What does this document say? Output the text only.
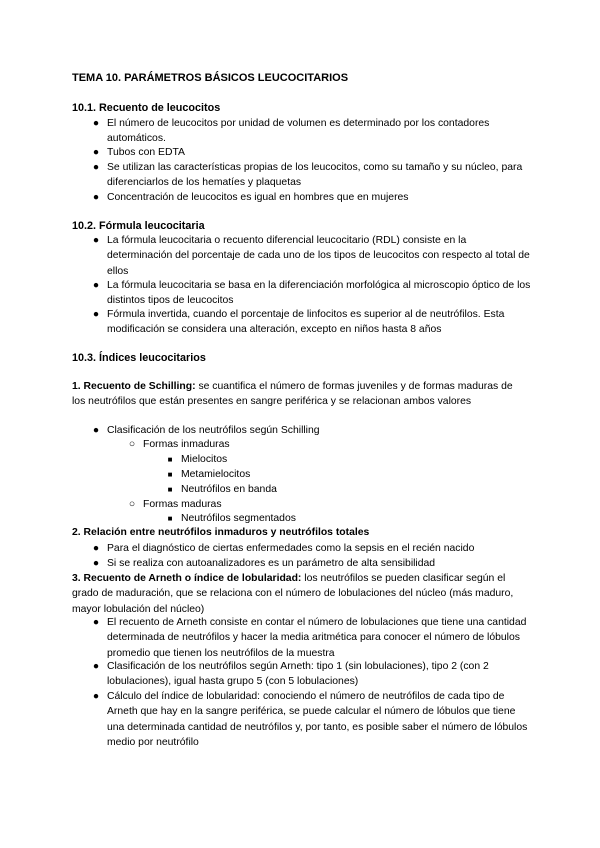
TEMA 10. PARÁMETROS BÁSICOS LEUCOCITARIOS
10.1. Recuento de leucocitos
● El número de leucocitos por unidad de volumen es determinado por los contadores automáticos.
● Tubos con EDTA
● Se utilizan las características propias de los leucocitos, como su tamaño y su núcleo, para diferenciarlos de los hematíes y plaquetas
● Concentración de leucocitos es igual en hombres que en mujeres
10.2. Fórmula leucocitaria
● La fórmula leucocitaria o recuento diferencial leucocitario (RDL) consiste en la determinación del porcentaje de cada uno de los tipos de leucocitos con respecto al total de ellos
● La fórmula leucocitaria se basa en la diferenciación morfológica al microscopio óptico de los distintos tipos de leucocitos
● Fórmula invertida, cuando el porcentaje de linfocitos es superior al de neutrófilos. Esta modificación se considera una alteración, excepto en niños hasta 8 años
10.3. Índices leucocitarios

1. Recuento de Schilling: se cuantifica el número de formas juveniles y de formas maduras de los neutrófilos que están presentes en sangre periférica y se relacionan ambos valores

● Clasificación de los neutrófilos según Schilling
○ Formas inmaduras
■ Mielocitos
■ Metamielocitos
■ Neutrófilos en banda
○ Formas maduras
■ Neutrófilos segmentados
2. Relación entre neutrófilos inmaduros y neutrófilos totales
● Para el diagnóstico de ciertas enfermedades como la sepsis en el recién nacido
● Si se realiza con autoanalizadores es un parámetro de alta sensibilidad

3. Recuento de Arneth o índice de lobularidad: los neutrófilos se pueden clasificar según el grado de maduración, que se relaciona con el número de lobulaciones del núcleo (más maduro, mayor lobulación del núcleo)

● El recuento de Arneth consiste en contar el número de lobulaciones que tiene una cantidad determinada de neutrófilos y hacer la media aritmética para conocer el número de lóbulos promedio que tienen los neutrófilos de la muestra
● Clasificación de los neutrófilos según Arneth: tipo 1 (sin lobulaciones), tipo 2 (con 2 lobulaciones), igual hasta grupo 5 (con 5 lobulaciones)
● Cálculo del índice de lobularidad: conociendo el número de neutrófilos de cada tipo de Arneth que hay en la sangre periférica, se puede calcular el número de lóbulos que tiene una determinada cantidad de neutrófilos y, por tanto, es posible saber el número de lóbulos medio por neutrófilo
